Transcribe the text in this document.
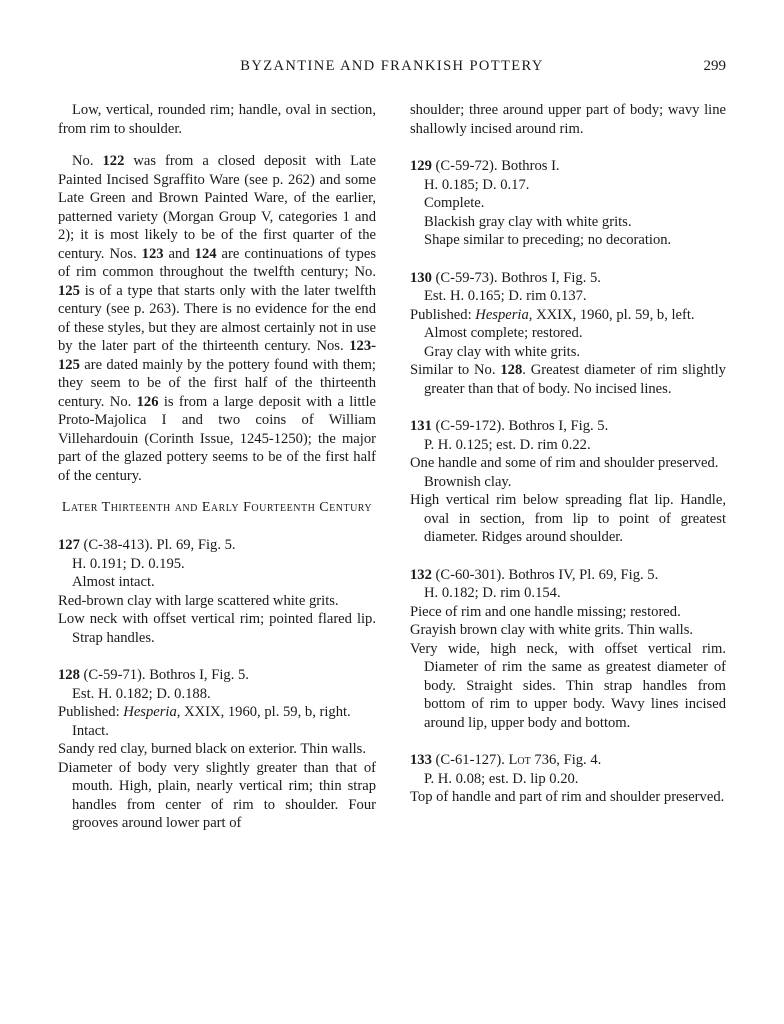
BYZANTINE AND FRANKISH POTTERY	299

Low, vertical, rounded rim; handle, oval in section, from rim to shoulder.

No. 122 was from a closed deposit with Late Painted Incised Sgraffito Ware (see p. 262) and some Late Green and Brown Painted Ware, of the earlier, patterned variety (Morgan Group V, categories 1 and 2); it is most likely to be of the first quarter of the century. Nos. 123 and 124 are continuations of types of rim common throughout the twelfth century; No. 125 is of a type that starts only with the later twelfth century (see p. 263). There is no evidence for the end of these styles, but they are almost certainly not in use by the later part of the thirteenth century. Nos. 123-125 are dated mainly by the pottery found with them; they seem to be of the first half of the thirteenth century. No. 126 is from a large deposit with a little Proto-Majolica I and two coins of William Villehardouin (Corinth Issue, 1245-1250); the major part of the glazed pottery seems to be of the first half of the century.

Later Thirteenth and Early Fourteenth Century

127 (C-38-413). Pl. 69, Fig. 5.

H. 0.191; D. 0.195.

Almost intact.

Red-brown clay with large scattered white grits.

Low neck with offset vertical rim; pointed flared lip. Strap handles.

128 (C-59-71). Bothros I, Fig. 5.

Est. H. 0.182; D. 0.188.

Published: Hesperia, XXIX, 1960, pl. 59, b, right.

Intact.

Sandy red clay, burned black on exterior. Thin walls.

Diameter of body very slightly greater than that of mouth. High, plain, nearly vertical rim; thin strap handles from center of rim to shoulder. Four grooves around lower part of

shoulder; three around upper part of body; wavy line shallowly incised around rim.

129 (C-59-72). Bothros I.

H. 0.185; D. 0.17.

Complete.

Blackish gray clay with white grits.

Shape similar to preceding; no decoration.

130 (C-59-73). Bothros I, Fig. 5.

Est. H. 0.165; D. rim 0.137.

Published: Hesperia, XXIX, 1960, pl. 59, b, left.

Almost complete; restored.

Gray clay with white grits.

Similar to No. 128. Greatest diameter of rim slightly greater than that of body. No incised lines.

131 (C-59-172). Bothros I, Fig. 5.

P. H. 0.125; est. D. rim 0.22.

One handle and some of rim and shoulder preserved.

Brownish clay.

High vertical rim below spreading flat lip. Handle, oval in section, from lip to point of greatest diameter. Ridges around shoulder.

132 (C-60-301). Bothros IV, Pl. 69, Fig. 5.

H. 0.182; D. rim 0.154.

Piece of rim and one handle missing; restored.

Grayish brown clay with white grits. Thin walls.

Very wide, high neck, with offset vertical rim. Diameter of rim the same as greatest diameter of body. Straight sides. Thin strap handles from bottom of rim to upper body. Wavy lines incised around lip, upper body and bottom.

133 (C-61-127). Lot 736, Fig. 4.

P. H. 0.08; est. D. lip 0.20.

Top of handle and part of rim and shoulder preserved.
